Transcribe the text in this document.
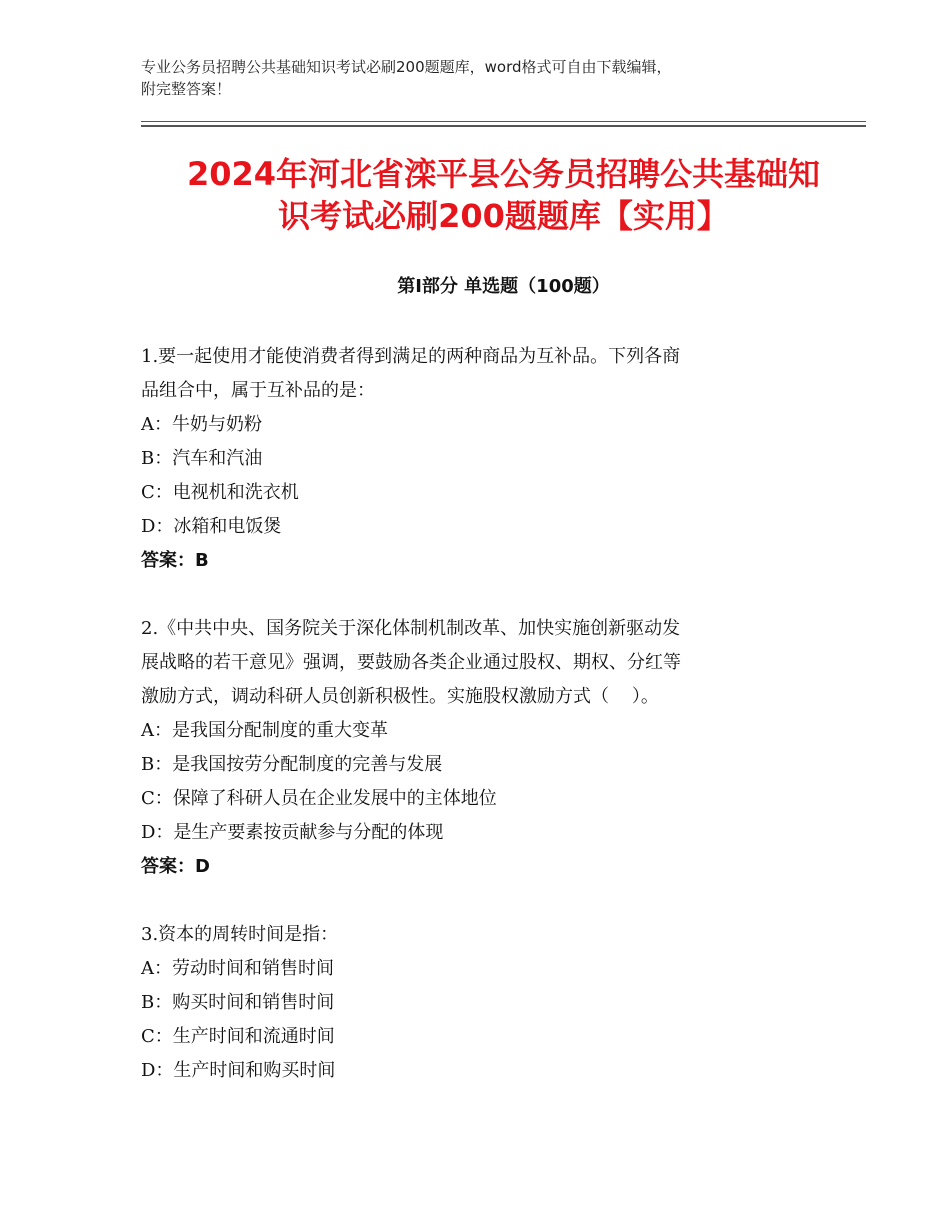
专业公务员招聘公共基础知识考试必刷200题题库，word格式可自由下载编辑，
附完整答案！
2024年河北省滦平县公务员招聘公共基础知
识考试必刷200题题库【实用】
第Ⅰ部分 单选题（100题）
1.要一起使用才能使消费者得到满足的两种商品为互补品。下列各商
品组合中，属于互补品的是：
A：牛奶与奶粉
B：汽车和汽油
C：电视机和洗衣机
D：冰箱和电饭煲
答案：B
2.《中共中央、国务院关于深化体制机制改革、加快实施创新驱动发
展战略的若干意见》强调，要鼓励各类企业通过股权、期权、分红等
激励方式，调动科研人员创新积极性。实施股权激励方式（    ）。
A：是我国分配制度的重大变革
B：是我国按劳分配制度的完善与发展
C：保障了科研人员在企业发展中的主体地位
D：是生产要素按贡献参与分配的体现
答案：D
3.资本的周转时间是指：
A：劳动时间和销售时间
B：购买时间和销售时间
C：生产时间和流通时间
D：生产时间和购买时间
